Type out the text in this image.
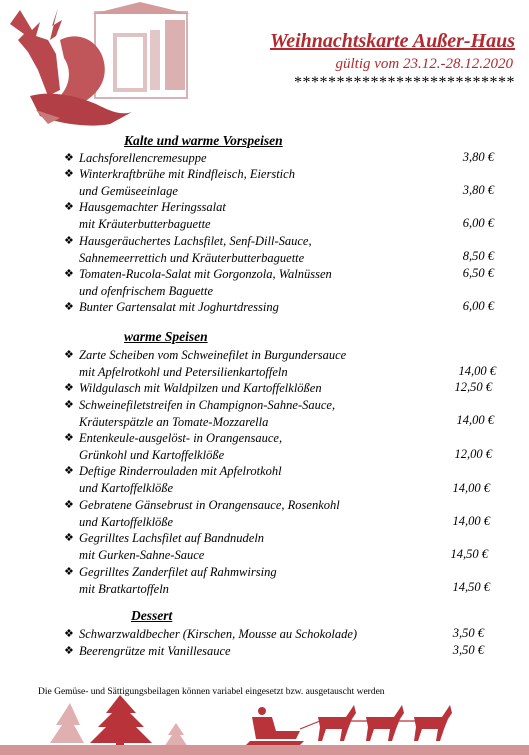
Weihnachtskarte Außer-Haus
gültig vom 23.12.-28.12.2020
**************************
Kalte und warme Vorspeisen
❖ Lachsforellencremesuppe	3,80 €
❖ Winterkraftbrühe mit Rindfleisch, Eierstich
und Gemüseeinlage	3,80 €
❖ Hausgemachter Heringssalat
mit Kräuterbutterbaguette	6,00 €
❖ Hausgeräuchertes Lachsfilet, Senf-Dill-Sauce,
Sahnemeerrettich und Kräuterbutterbaguette	8,50 €
❖ Tomaten-Rucola-Salat mit Gorgonzola, Walnüssen
und ofenfrischem Baguette
6,50 €
❖ Bunter Gartensalat mit Joghurtdressing	6,00 €
warme Speisen
❖ Zarte Scheiben vom Schweinefilet in Burgundersauce
mit Apfelrotkohl und Petersilienkartoffeln	14,00 €
❖ Wildgulasch mit Waldpilzen und Kartoffelklößen	12,50 €
❖ Schweinefiletstreifen in Champignon-Sahne-Sauce,
Kräuterspätzle an Tomate-Mozzarella	14,00 €
❖ Entenkeule-ausgelöst- in Orangensauce,
Grünkohl und Kartoffelklöße	12,00 €
❖ Deftige Rinderrouladen mit Apfelrotkohl
und Kartoffelklöße	14,00 €
❖ Gebratene Gänsebrust in Orangensauce, Rosenkohl
und Kartoffelklöße	14,00 €
❖ Gegrilltes Lachsfilet auf Bandnudeln
mit Gurken-Sahne-Sauce	14,50 €
❖ Gegrilltes Zanderfilet auf Rahmwirsing
mit Bratkartoffeln	14,50 €
Dessert
❖ Schwarzwaldbecher (Kirschen, Mousse au Schokolade)	3,50 €
❖ Beerengrütze mit Vanillesauce	3,50 €
Die Gemüse- und Sättigungsbeilagen können variabel eingesetzt bzw. ausgetauscht werden
